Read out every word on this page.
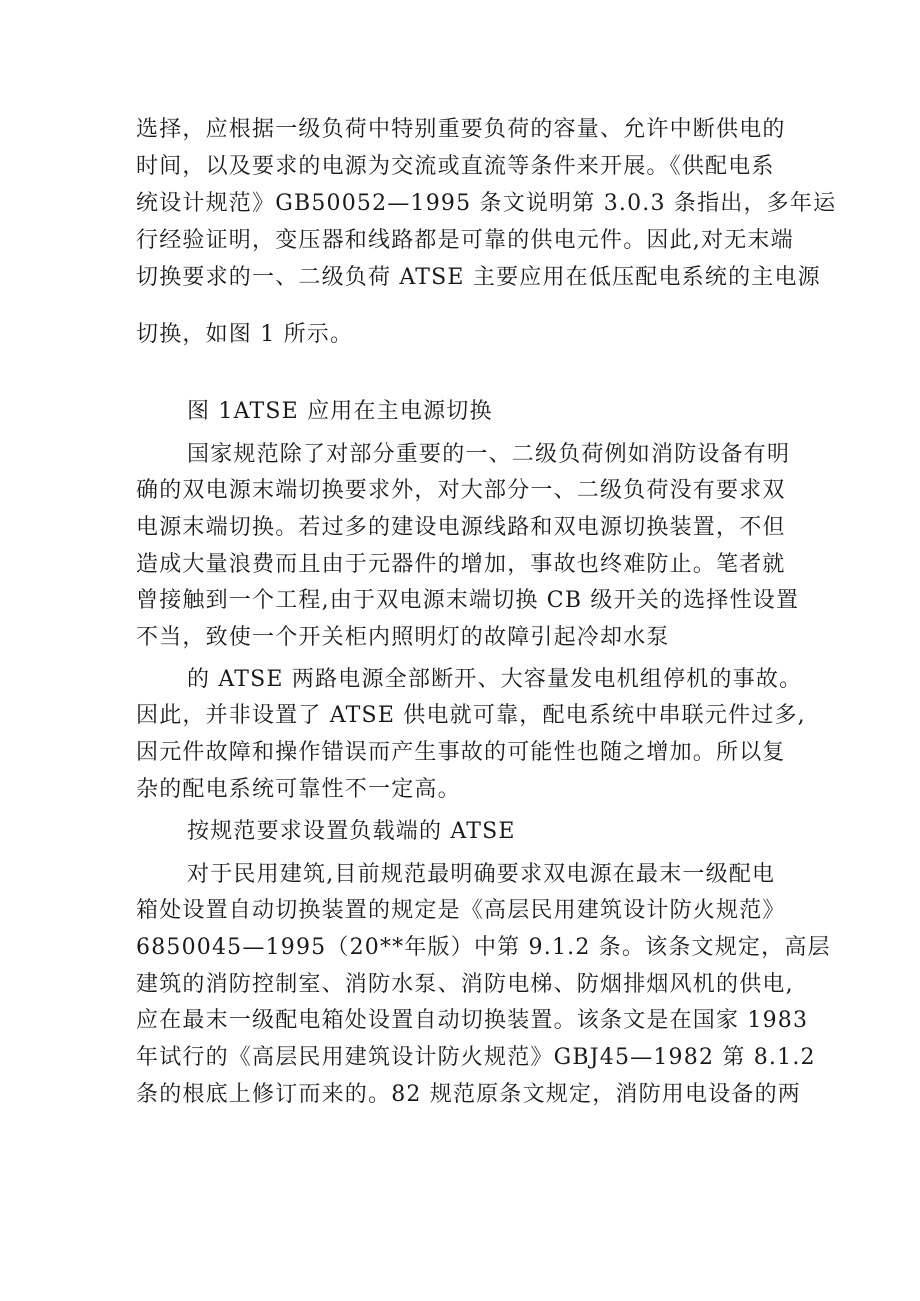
选择，应根据一级负荷中特别重要负荷的容量、允许中断供电的
时间，以及要求的电源为交流或直流等条件来开展。《供配电系
统设计规范》GB50052—1995 条文说明第 3.0.3 条指出，多年运
行经验证明，变压器和线路都是可靠的供电元件。因此,对无末端
切换要求的一、二级负荷 ATSE 主要应用在低压配电系统的主电源
切换，如图 1 所示。
图 1ATSE 应用在主电源切换
国家规范除了对部分重要的一、二级负荷例如消防设备有明
确的双电源末端切换要求外，对大部分一、二级负荷没有要求双
电源末端切换。若过多的建设电源线路和双电源切换装置，不但
造成大量浪费而且由于元器件的增加，事故也终难防止。笔者就
曾接触到一个工程,由于双电源末端切换 CB 级开关的选择性设置
不当，致使一个开关柜内照明灯的故障引起冷却水泵
的 ATSE 两路电源全部断开、大容量发电机组停机的事故。
因此，并非设置了 ATSE 供电就可靠，配电系统中串联元件过多,
因元件故障和操作错误而产生事故的可能性也随之增加。所以复
杂的配电系统可靠性不一定高。
按规范要求设置负载端的 ATSE
对于民用建筑,目前规范最明确要求双电源在最末一级配电
箱处设置自动切换装置的规定是《高层民用建筑设计防火规范》
6850045—1995（20**年版）中第 9.1.2 条。该条文规定，高层
建筑的消防控制室、消防水泵、消防电梯、防烟排烟风机的供电,
应在最末一级配电箱处设置自动切换装置。该条文是在国家 1983
年试行的《高层民用建筑设计防火规范》GBJ45—1982 第 8.1.2
条的根底上修订而来的。82 规范原条文规定，消防用电设备的两
